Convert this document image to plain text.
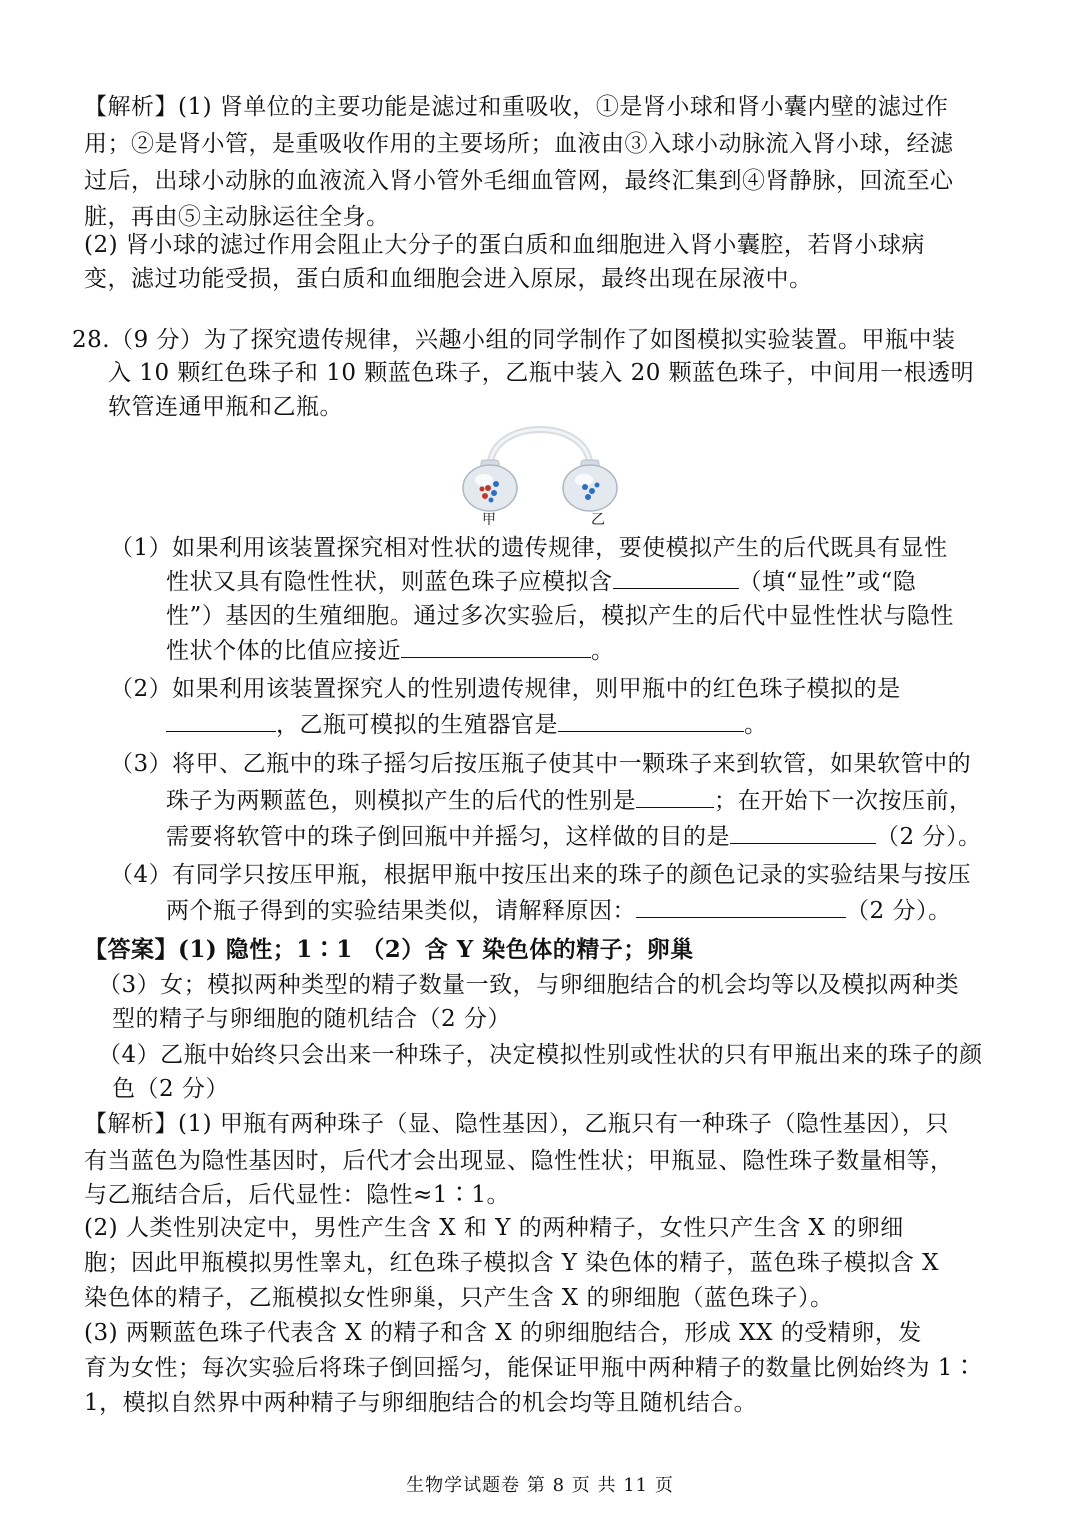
【解析】(1) 肾单位的主要功能是滤过和重吸收，①是肾小球和肾小囊内壁的滤过作
用；②是肾小管，是重吸收作用的主要场所；血液由③入球小动脉流入肾小球，经滤
过后，出球小动脉的血液流入肾小管外毛细血管网，最终汇集到④肾静脉，回流至心
脏，再由⑤主动脉运往全身。
(2) 肾小球的滤过作用会阻止大分子的蛋白质和血细胞进入肾小囊腔，若肾小球病
变，滤过功能受损，蛋白质和血细胞会进入原尿，最终出现在尿液中。
28.（9 分）为了探究遗传规律，兴趣小组的同学制作了如图模拟实验装置。甲瓶中装
入 10 颗红色珠子和 10 颗蓝色珠子，乙瓶中装入 20 颗蓝色珠子，中间用一根透明
软管连通甲瓶和乙瓶。
甲	乙
（1）如果利用该装置探究相对性状的遗传规律，要使模拟产生的后代既具有显性
性状又具有隐性性状，则蓝色珠子应模拟含	（填“显性”或“隐
性”）基因的生殖细胞。通过多次实验后，模拟产生的后代中显性性状与隐性
性状个体的比值应接近	。
（2）如果利用该装置探究人的性别遗传规律，则甲瓶中的红色珠子模拟的是
，乙瓶可模拟的生殖器官是	。
（3）将甲、乙瓶中的珠子摇匀后按压瓶子使其中一颗珠子来到软管，如果软管中的
珠子为两颗蓝色，则模拟产生的后代的性别是	；在开始下一次按压前，
需要将软管中的珠子倒回瓶中并摇匀，这样做的目的是	（2 分）。
（4）有同学只按压甲瓶，根据甲瓶中按压出来的珠子的颜色记录的实验结果与按压
两个瓶子得到的实验结果类似，请解释原因：	（2 分）。
【答案】(1) 隐性；1∶1 （2）含 Y 染色体的精子；卵巢
（3）女；模拟两种类型的精子数量一致，与卵细胞结合的机会均等以及模拟两种类
型的精子与卵细胞的随机结合（2 分）
（4）乙瓶中始终只会出来一种珠子，决定模拟性别或性状的只有甲瓶出来的珠子的颜
色（2 分）
【解析】(1) 甲瓶有两种珠子（显、隐性基因），乙瓶只有一种珠子（隐性基因），只
有当蓝色为隐性基因时，后代才会出现显、隐性性状；甲瓶显、隐性珠子数量相等，
与乙瓶结合后，后代显性：隐性≈1∶1。
(2) 人类性别决定中，男性产生含 X 和 Y 的两种精子，女性只产生含 X 的卵细
胞；因此甲瓶模拟男性睾丸，红色珠子模拟含 Y 染色体的精子，蓝色珠子模拟含 X
染色体的精子，乙瓶模拟女性卵巢，只产生含 X 的卵细胞（蓝色珠子）。
(3) 两颗蓝色珠子代表含 X 的精子和含 X 的卵细胞结合，形成 XX 的受精卵，发
育为女性；每次实验后将珠子倒回摇匀，能保证甲瓶中两种精子的数量比例始终为 1∶
1，模拟自然界中两种精子与卵细胞结合的机会均等且随机结合。
生物学试题卷 第 8 页 共 11 页
